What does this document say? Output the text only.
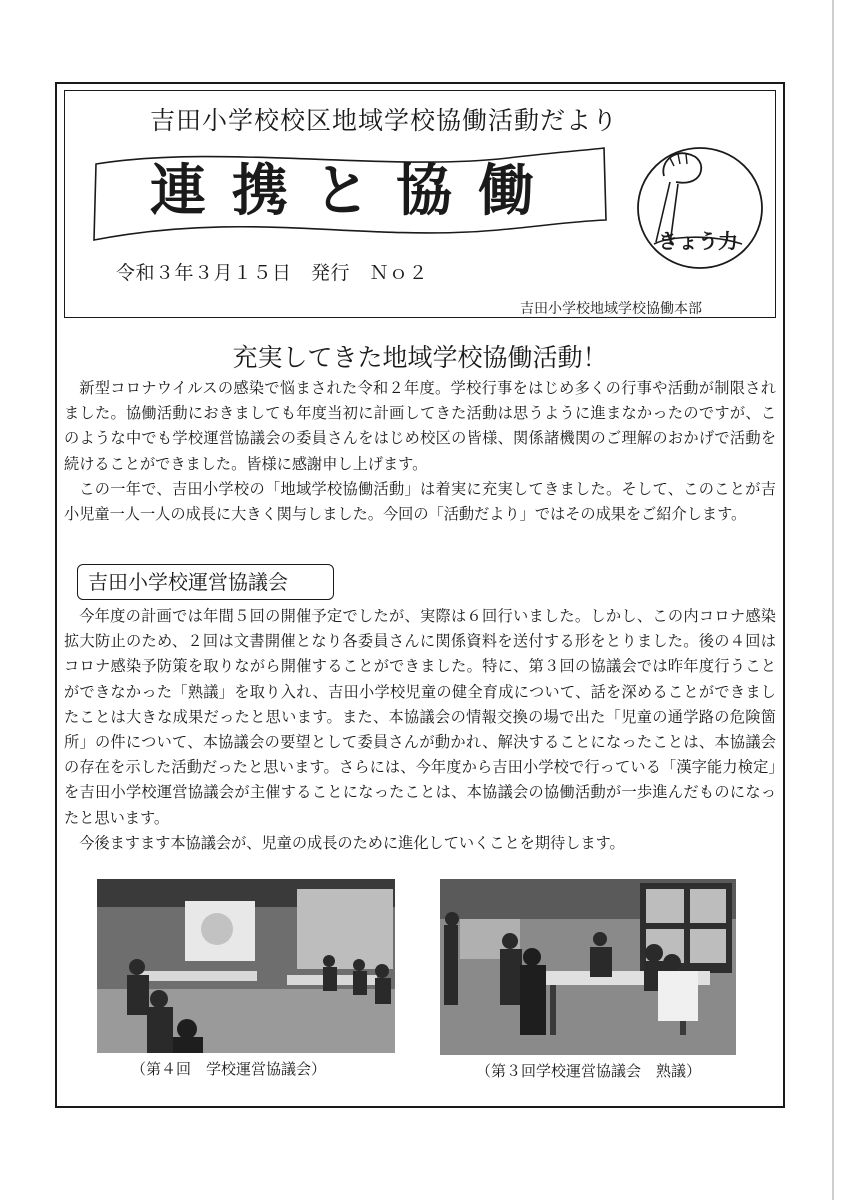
吉田小学校校区地域学校協働活動だより
連携と協働
きょう力
令和３年３月１５日　発行　Ｎｏ２
吉田小学校地域学校協働本部
充実してきた地域学校協働活動！

新型コロナウイルスの感染で悩まされた令和２年度。学校行事をはじめ多くの行事や活動が制限されました。協働活動におきましても年度当初に計画してきた活動は思うように進まなかったのですが、このような中でも学校運営協議会の委員さんをはじめ校区の皆様、関係諸機関のご理解のおかげで活動を続けることができました。皆様に感謝申し上げます。

この一年で、吉田小学校の「地域学校協働活動」は着実に充実してきました。そして、このことが吉小児童一人一人の成長に大きく関与しました。今回の「活動だより」ではその成果をご紹介します。

吉田小学校運営協議会
今年度の計画では年間５回の開催予定でしたが、実際は６回行いました。しかし、この内コロナ感染拡大防止のため、２回は文書開催となり各委員さんに関係資料を送付する形をとりました。後の４回はコロナ感染予防策を取りながら開催することができました。特に、第３回の協議会では昨年度行うことができなかった「熟議」を取り入れ、吉田小学校児童の健全育成について、話を深めることができましたことは大きな成果だったと思います。また、本協議会の情報交換の場で出た「児童の通学路の危険箇所」の件について、本協議会の要望として委員さんが動かれ、解決することになったことは、本協議会の存在を示した活動だったと思います。さらには、今年度から吉田小学校で行っている「漢字能力検定」を吉田小学校運営協議会が主催することになったことは、本協議会の協働活動が一歩進んだものになったと思います。
今後ますます本協議会が、児童の成長のために進化していくことを期待します。
（第４回　学校運営協議会）	（第３回学校運営協議会　熟議）
